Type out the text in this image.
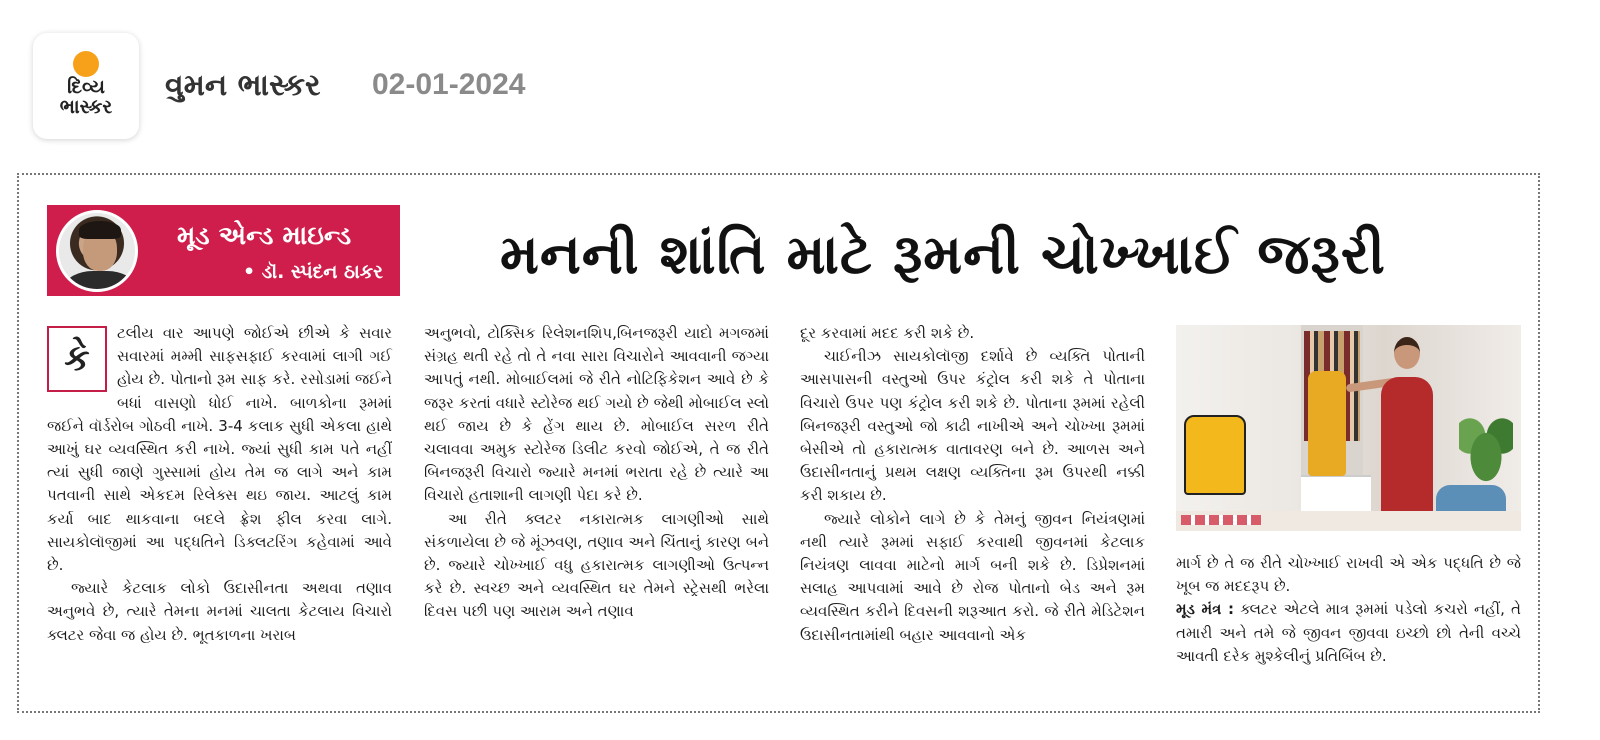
દિવ્ય
ભાસ્કર
વુમન ભાસ્કર 02-01-2024
મૂડ એન્ડ માઇન્ડ
• ડૉ. સ્પંદન ઠાકર મનની શાંતિ માટે રૂમની ચોખ્ખાઈ જરૂરી
કે

ટલીય વાર આપણે જોઈએ છીએ કે સવાર સવારમાં મમ્મી સાફસફાઈ કરવામાં લાગી ગઈ હોય છે. પોતાનો રૂમ સાફ કરે. રસોડામાં જઈને બધાં વાસણો ધોઈ નાખે. બાળકોના રૂમમાં જઈને વૉર્ડરોબ ગોઠવી નાખે. 3-4 કલાક સુધી એકલા હાથે આખું ઘર વ્યવસ્થિત કરી નાખે. જ્યાં સુધી કામ પતે નહીં ત્યાં સુધી જાણે ગુસ્સામાં હોય તેમ જ લાગે અને કામ પતવાની સાથે એકદમ રિલેક્સ થઇ જાય. આટલું કામ કર્યા બાદ થાકવાના બદલે ફ્રેશ ફીલ કરવા લાગે. સાયકોલૉજીમાં આ પદ્ધતિને ડિક્લટરિંગ કહેવામાં આવે છે.

જ્યારે કેટલાક લોકો ઉદાસીનતા અથવા તણાવ અનુભવે છે, ત્યારે તેમના મનમાં ચાલતા કેટલાય વિચારો ક્લટર જેવા જ હોય છે. ભૂતકાળના ખરાબ

અનુભવો, ટોક્સિક રિલેશનશિપ,બિનજરૂરી યાદો મગજમાં સંગ્રહ થતી રહે તો તે નવા સારા વિચારોને આવવાની જગ્યા આપતું નથી. મોબાઈલમાં જે રીતે નોટિફિકેશન આવે છે કે જરૂર કરતાં વધારે સ્ટોરેજ થઈ ગયો છે જેથી મોબાઈલ સ્લો થઈ જાય છે કે હેંગ થાય છે. મોબાઈલ સરળ રીતે ચલાવવા અમુક સ્ટોરેજ ડિલીટ કરવો જોઈએ, તે જ રીતે બિનજરૂરી વિચારો જ્યારે મનમાં ભરાતા રહે છે ત્યારે આ વિચારો હતાશાની લાગણી પેદા કરે છે.

આ રીતે ક્લટર નકારાત્મક લાગણીઓ સાથે સંકળાયેલા છે જે મૂંઝવણ, તણાવ અને ચિંતાનું કારણ બને છે. જ્યારે ચોખ્ખાઈ વધુ હકારાત્મક લાગણીઓ ઉત્પન્ન કરે છે. સ્વચ્છ અને વ્યવસ્થિત ઘર તેમને સ્ટ્રેસથી ભરેલા દિવસ પછી પણ આરામ અને તણાવ

દૂર કરવામાં મદદ કરી શકે છે.

ચાઈનીઝ સાયકોલૉજી દર્શાવે છે વ્યક્તિ પોતાની આસપાસની વસ્તુઓ ઉપર કંટ્રોલ કરી શકે તે પોતાના વિચારો ઉપર પણ કંટ્રોલ કરી શકે છે. પોતાના રૂમમાં રહેલી બિનજરૂરી વસ્તુઓ જો કાઢી નાખીએ અને ચોખ્ખા રૂમમાં બેસીએ તો હકારાત્મક વાતાવરણ બને છે. આળસ અને ઉદાસીનતાનું પ્રથમ લક્ષણ વ્યક્તિના રૂમ ઉપરથી નક્કી કરી શકાય છે.

જ્યારે લોકોને લાગે છે કે તેમનું જીવન નિયંત્રણમાં નથી ત્યારે રૂમમાં સફાઈ કરવાથી જીવનમાં કેટલાક નિયંત્રણ લાવવા માટેનો માર્ગ બની શકે છે. ડિપ્રેશનમાં સલાહ આપવામાં આવે છે રોજ પોતાનો બેડ અને રૂમ વ્યવસ્થિત કરીને દિવસની શરૂઆત કરો. જે રીતે મેડિટેશન ઉદાસીનતામાંથી બહાર આવવાનો એક

માર્ગ છે તે જ રીતે ચોખ્ખાઈ રાખવી એ એક પદ્ધતિ છે જે ખૂબ જ મદદરૂપ છે.

મૂડ મંત્ર : ક્લટર એટલે માત્ર રૂમમાં પડેલો કચરો નહીં, તે તમારી અને તમે જે જીવન જીવવા ઇચ્છો છો તેની વચ્ચે આવતી દરેક મુશ્કેલીનું પ્રતિબિંબ છે.
